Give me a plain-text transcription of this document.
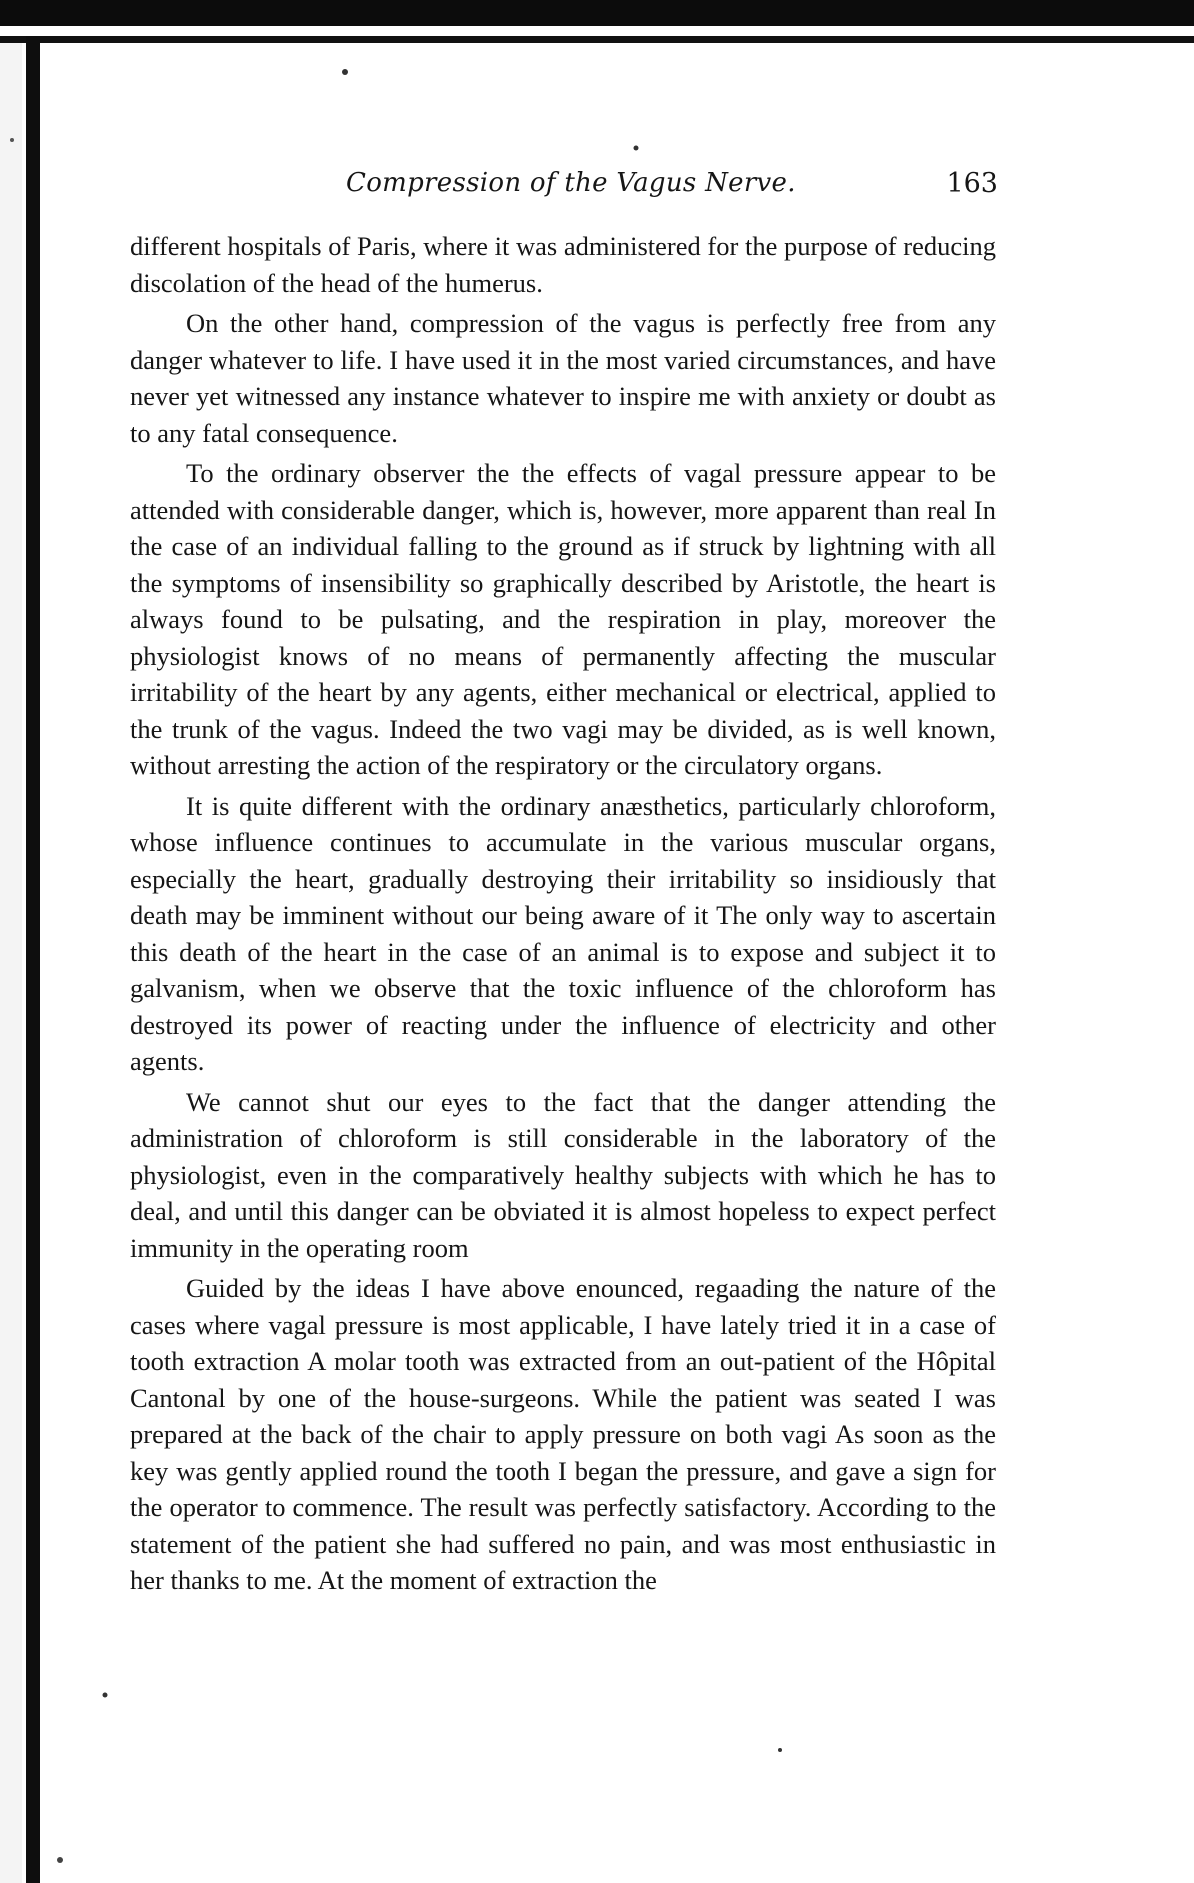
Compression of the Vagus Nerve.	163

different hospitals of Paris, where it was administered for the purpose of reducing discolation of the head of the humerus.

On the other hand, compression of the vagus is perfectly free from any danger whatever to life. I have used it in the most varied circumstances, and have never yet witnessed any instance whatever to inspire me with anxiety or doubt as to any fatal consequence.

To the ordinary observer the the effects of vagal pressure appear to be attended with considerable danger, which is, however, more apparent than real In the case of an individual falling to the ground as if struck by lightning with all the symptoms of insensibility so graphically described by Aristotle, the heart is always found to be pulsating, and the respiration in play, moreover the physiologist knows of no means of permanently affecting the muscular irritability of the heart by any agents, either mechanical or electrical, applied to the trunk of the vagus. Indeed the two vagi may be divided, as is well known, without arresting the action of the respiratory or the circulatory organs.

It is quite different with the ordinary anæsthetics, particularly chloroform, whose influence continues to accumulate in the various muscular organs, especially the heart, gradually destroying their irritability so insidiously that death may be imminent without our being aware of it The only way to ascertain this death of the heart in the case of an animal is to expose and subject it to galvanism, when we observe that the toxic influence of the chloroform has destroyed its power of reacting under the influence of electricity and other agents.

We cannot shut our eyes to the fact that the danger attending the administration of chloroform is still considerable in the laboratory of the physiologist, even in the comparatively healthy subjects with which he has to deal, and until this danger can be obviated it is almost hopeless to expect perfect immunity in the operating room

Guided by the ideas I have above enounced, regaading the nature of the cases where vagal pressure is most applicable, I have lately tried it in a case of tooth extraction A molar tooth was extracted from an out-patient of the Hôpital Cantonal by one of the house-surgeons. While the patient was seated I was prepared at the back of the chair to apply pressure on both vagi As soon as the key was gently applied round the tooth I began the pressure, and gave a sign for the operator to commence. The result was perfectly satisfactory. According to the statement of the patient she had suffered no pain, and was most enthusiastic in her thanks to me. At the moment of extraction the
